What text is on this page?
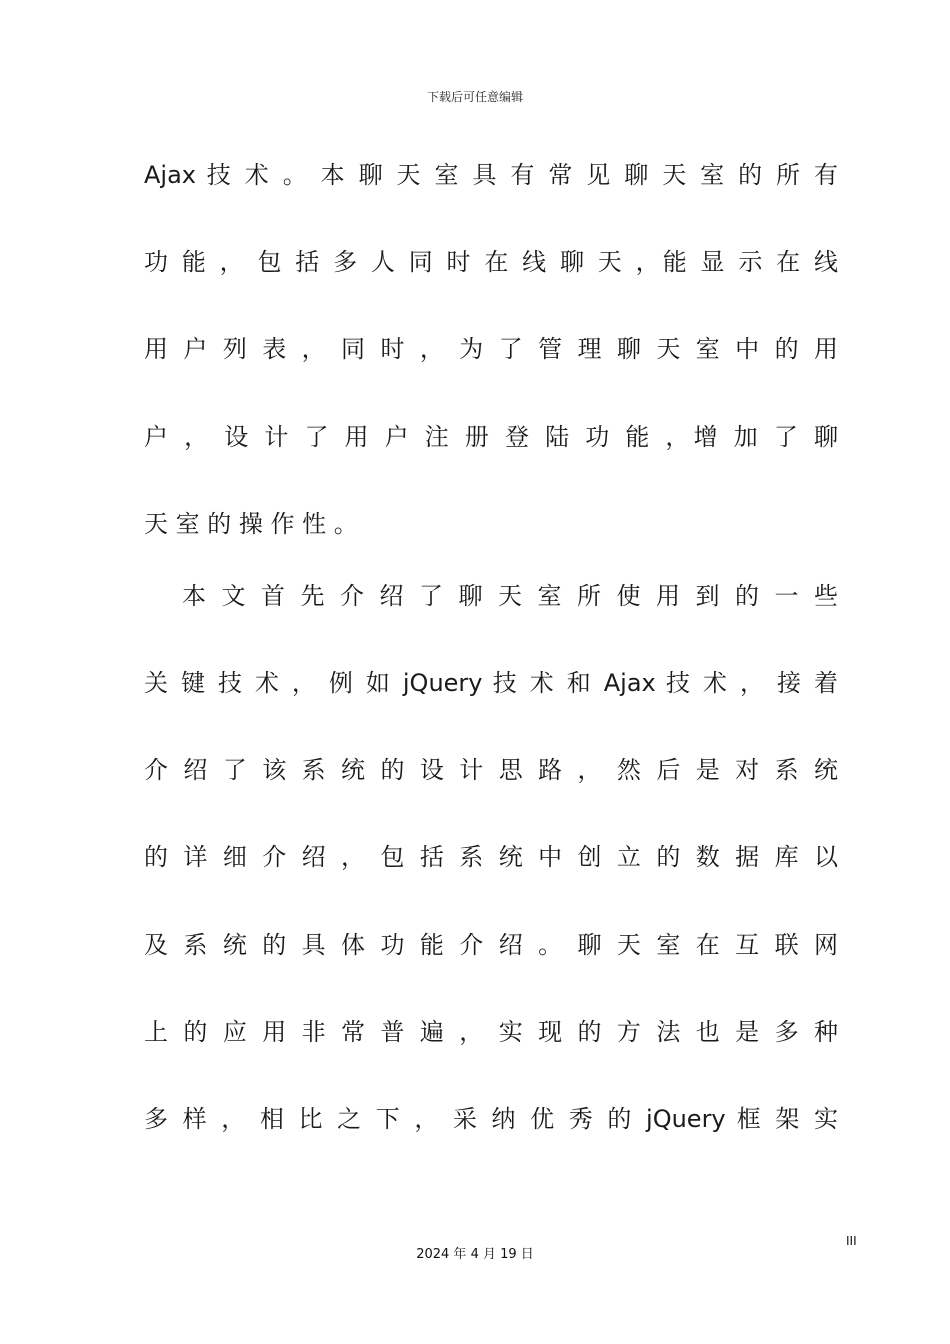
下载后可任意编辑
Ajax 技 术 。 本 聊 天 室 具 有 常 见 聊 天 室 的 所 有
功 能 ， 包 括 多 人 同 时 在 线 聊 天 ，能 显 示 在 线
用 户 列 表 ， 同 时 ， 为 了 管 理 聊 天 室 中 的 用
户 ， 设 计 了 用 户 注 册 登 陆 功 能 ，增 加 了 聊
天 室 的 操 作 性 。
本 文 首 先 介 绍 了 聊 天 室 所 使 用 到 的 一 些
关 键 技 术 ， 例 如 jQuery 技 术 和 Ajax 技 术 ， 接 着
介 绍 了 该 系 统 的 设 计 思 路 ， 然 后 是 对 系 统
的 详 细 介 绍 ， 包 括 系 统 中 创 立 的 数 据 库 以
及 系 统 的 具 体 功 能 介 绍 。 聊 天 室 在 互 联 网
上 的 应 用 非 常 普 遍 ， 实 现 的 方 法 也 是 多 种
多 样 ， 相 比 之 下 ， 采 纳 优 秀 的 jQuery 框 架 实
III
2024 年 4 月 19 日
